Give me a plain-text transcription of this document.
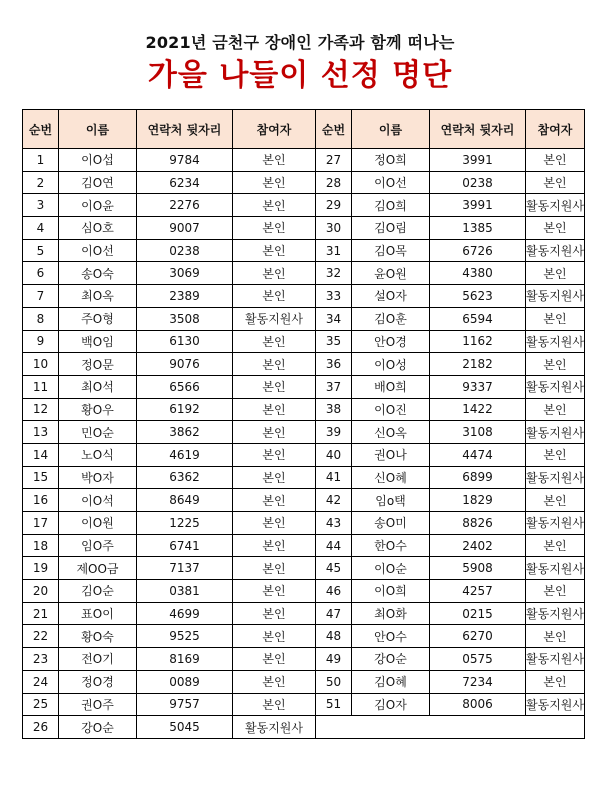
2021년 금천구 장애인 가족과 함께 떠나는
가을 나들이 선정 명단
순번	이름	연락처 뒷자리	참여자	순번	이름	연락처 뒷자리	참여자
1	이O섭	9784	본인	27	정O희	3991	본인
2	김O연	6234	본인	28	이O선	0238	본인
3	이O윤	2276	본인	29	김O희	3991	활동지원사
4	심O호	9007	본인	30	김O림	1385	본인
5	이O선	0238	본인	31	김O목	6726	활동지원사
6	송O숙	3069	본인	32	윤O원	4380	본인
7	최O옥	2389	본인	33	설O자	5623	활동지원사
8	주O형	3508	활동지원사	34	김O훈	6594	본인
9	백O임	6130	본인	35	안O경	1162	활동지원사
10	정O문	9076	본인	36	이O성	2182	본인
11	최O석	6566	본인	37	배O희	9337	활동지원사
12	황O우	6192	본인	38	이O진	1422	본인
13	민O순	3862	본인	39	신O옥	3108	활동지원사
14	노O식	4619	본인	40	권O나	4474	본인
15	박O자	6362	본인	41	신O혜	6899	활동지원사
16	이O석	8649	본인	42	임o택	1829	본인
17	이O원	1225	본인	43	송O미	8826	활동지원사
18	임O주	6741	본인	44	한O수	2402	본인
19	제OO금	7137	본인	45	이O순	5908	활동지원사
20	김O순	0381	본인	46	이O희	4257	본인
21	표O이	4699	본인	47	최O화	0215	활동지원사
22	황O숙	9525	본인	48	안O수	6270	본인
23	전O기	8169	본인	49	강O순	0575	활동지원사
24	정O경	0089	본인	50	김O혜	7234	본인
25	권O주	9757	본인	51	김O자	8006	활동지원사
26	강O순	5045	활동지원사				
